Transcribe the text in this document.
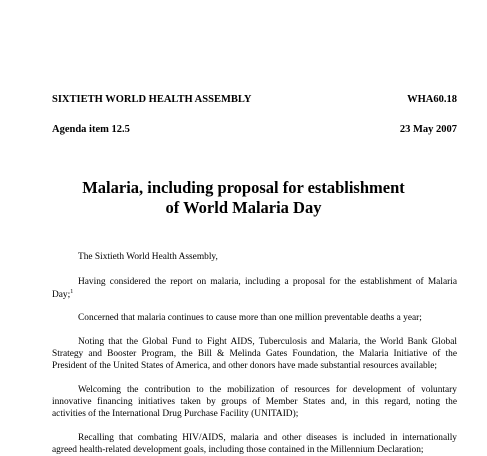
SIXTIETH WORLD HEALTH ASSEMBLY	WHA60.18
Agenda item 12.5	23 May 2007
Malaria, including proposal for establishment
of World Malaria Day
The Sixtieth World Health Assembly,
Having considered the report on malaria, including a proposal for the establishment of Malaria
Day;$^1$
Concerned that malaria continues to cause more than one million preventable deaths a year;
Noting that the Global Fund to Fight AIDS, Tuberculosis and Malaria, the World Bank Global
Strategy and Booster Program, the Bill & Melinda Gates Foundation, the Malaria Initiative of the
President of the United States of America, and other donors have made substantial resources available;
Welcoming the contribution to the mobilization of resources for development of voluntary
innovative financing initiatives taken by groups of Member States and, in this regard, noting the
activities of the International Drug Purchase Facility (UNITAID);
Recalling that combating HIV/AIDS, malaria and other diseases is included in internationally
agreed health-related development goals, including those contained in the Millennium Declaration;
